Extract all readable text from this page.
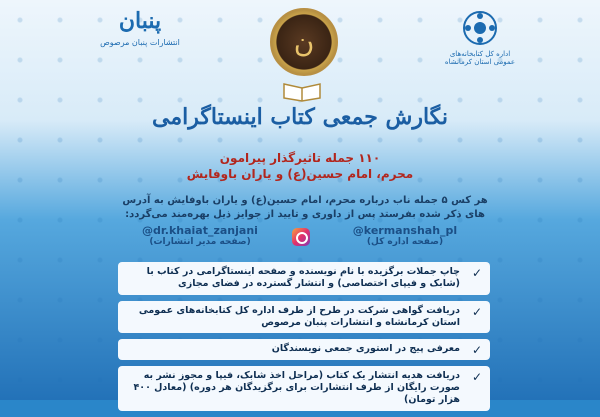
پنبان
انتشارات پنبان مرصوص	ن	اداره کل کتابخانه‌های عمومی استان کرمانشاه
نگارش جمعی کتاب اینستاگرامی
۱۱۰ جمله تاثیرگذار پیرامون
محرم، امام حسین(ع) و یاران باوفایش
هر کس ۵ جمله ناب درباره محرم، امام حسین(ع) و یاران باوفایش به آدرس های ذکر شده بفرستد پس از داوری و تایید از جوایز ذیل بهره‌مند می‌گردد:
@dr.khaiat_zanjani
(صفحه مدیر انتشارات)
@kermanshah_pl
(صفحه اداره کل)
✓
چاپ جملات برگزیده با نام نویسنده و صفحه اینستاگرامی در کتاب با (شابک و فیپای اختصاصی) و انتشار گسترده در فضای مجازی
✓
دریافت گواهی شرکت در طرح از طرف اداره کل کتابخانه‌های عمومی استان کرمانشاه و انتشارات پنبان مرصوص
✓
معرفی پیج در استوری جمعی نویسندگان
✓
دریافت هدیه انتشار یک کتاب (مراحل اخذ شابک، فیپا و مجوز نشر به صورت رایگان از طرف انتشارات برای برگزیدگان هر دوره) (معادل ۴۰۰ هزار تومان)
